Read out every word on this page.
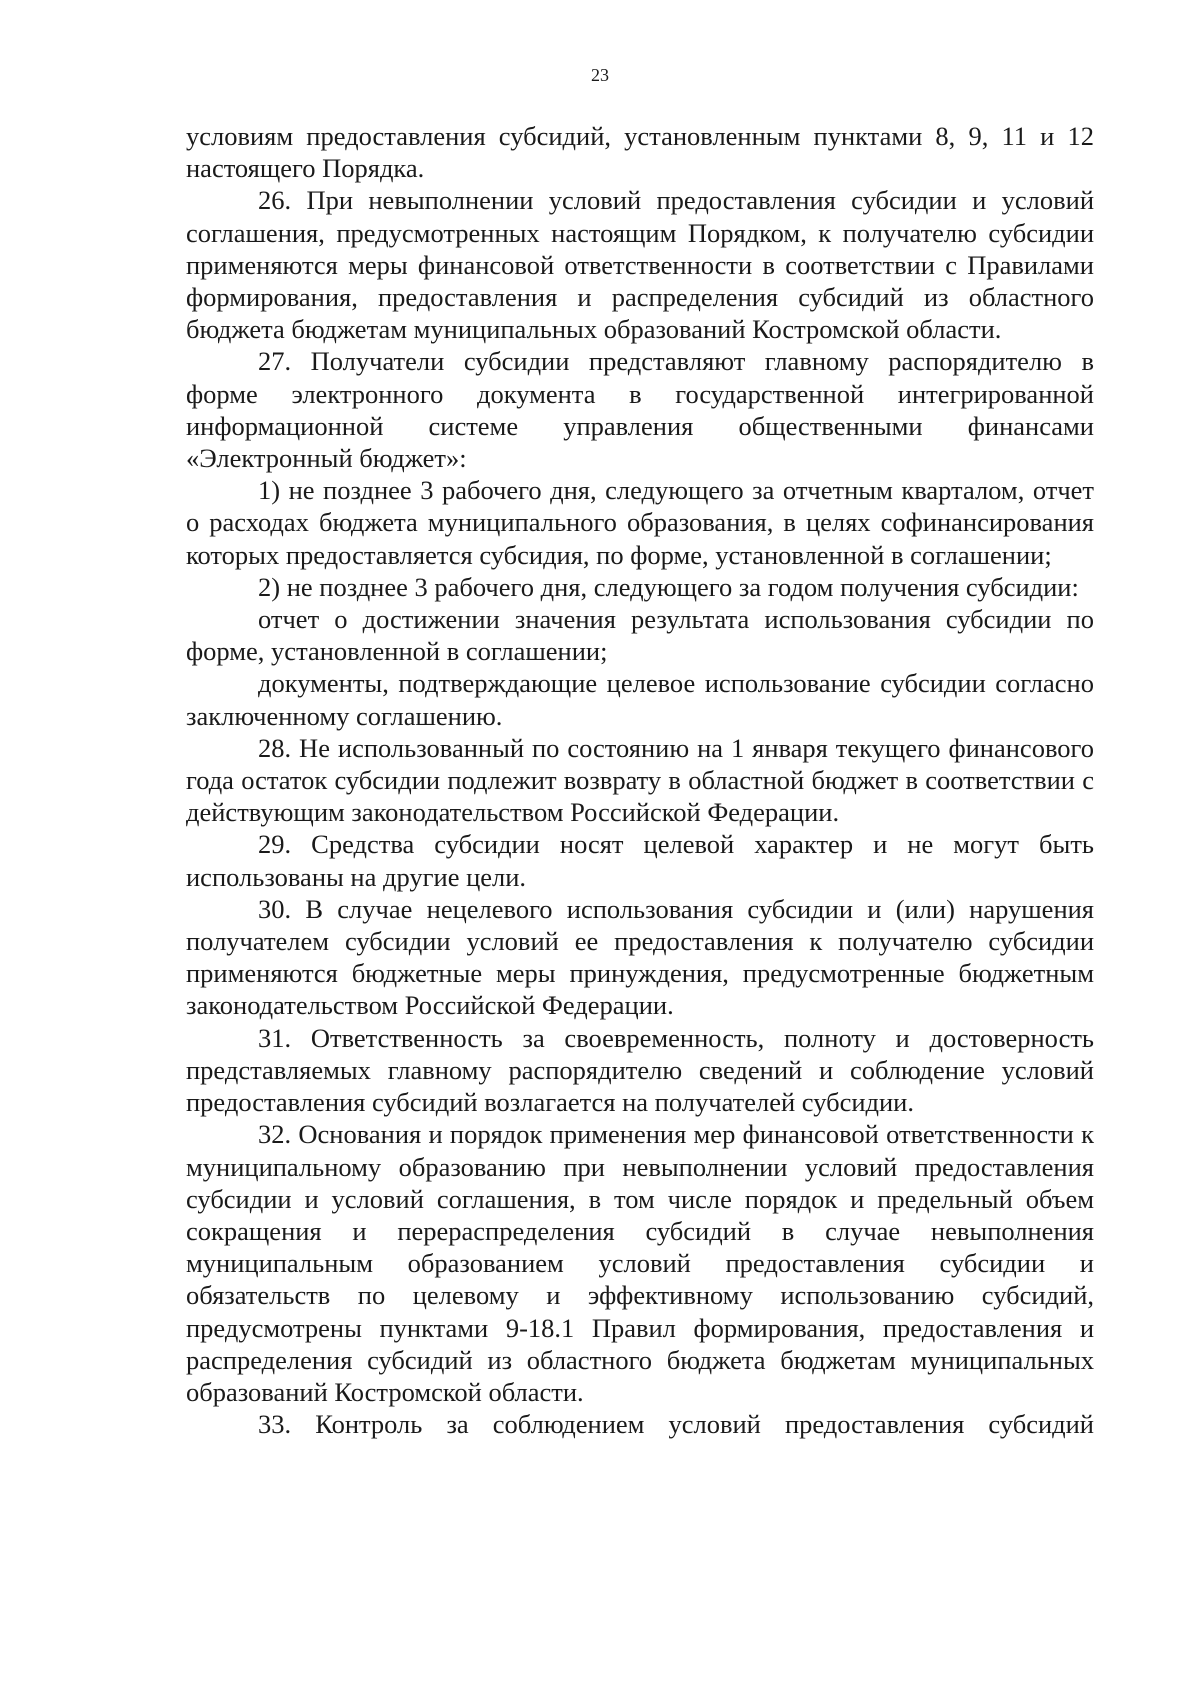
23

условиям предоставления субсидий, установленным пунктами 8, 9, 11 и 12 настоящего Порядка.

26. При невыполнении условий предоставления субсидии и условий соглашения, предусмотренных настоящим Порядком, к получателю субсидии применяются меры финансовой ответственности в соответствии с Правилами формирования, предоставления и распределения субсидий из областного бюджета бюджетам муниципальных образований Костромской области.

27. Получатели субсидии представляют главному распорядителю в форме электронного документа в государственной интегрированной информационной системе управления общественными финансами «Электронный бюджет»:

1) не позднее 3 рабочего дня, следующего за отчетным кварталом, отчет о расходах бюджета муниципального образования, в целях софинансирования которых предоставляется субсидия, по форме, установленной в соглашении;

2) не позднее 3 рабочего дня, следующего за годом получения субсидии:

отчет о достижении значения результата использования субсидии по форме, установленной в соглашении;

документы, подтверждающие целевое использование субсидии согласно заключенному соглашению.

28. Не использованный по состоянию на 1 января текущего финансового года остаток субсидии подлежит возврату в областной бюджет в соответствии с действующим законодательством Российской Федерации.

29. Средства субсидии носят целевой характер и не могут быть использованы на другие цели.

30. В случае нецелевого использования субсидии и (или) нарушения получателем субсидии условий ее предоставления к получателю субсидии применяются бюджетные меры принуждения, предусмотренные бюджетным законодательством Российской Федерации.

31. Ответственность за своевременность, полноту и достоверность представляемых главному распорядителю сведений и соблюдение условий предоставления субсидий возлагается на получателей субсидии.

32. Основания и порядок применения мер финансовой ответственности к муниципальному образованию при невыполнении условий предоставления субсидии и условий соглашения, в том числе порядок и предельный объем сокращения и перераспределения субсидий в случае невыполнения муниципальным образованием условий предоставления субсидии и обязательств по целевому и эффективному использованию субсидий, предусмотрены пунктами 9-18.1 Правил формирования, предоставления и распределения субсидий из областного бюджета бюджетам муниципальных образований Костромской области.

33. Контроль за соблюдением условий предоставления субсидий
